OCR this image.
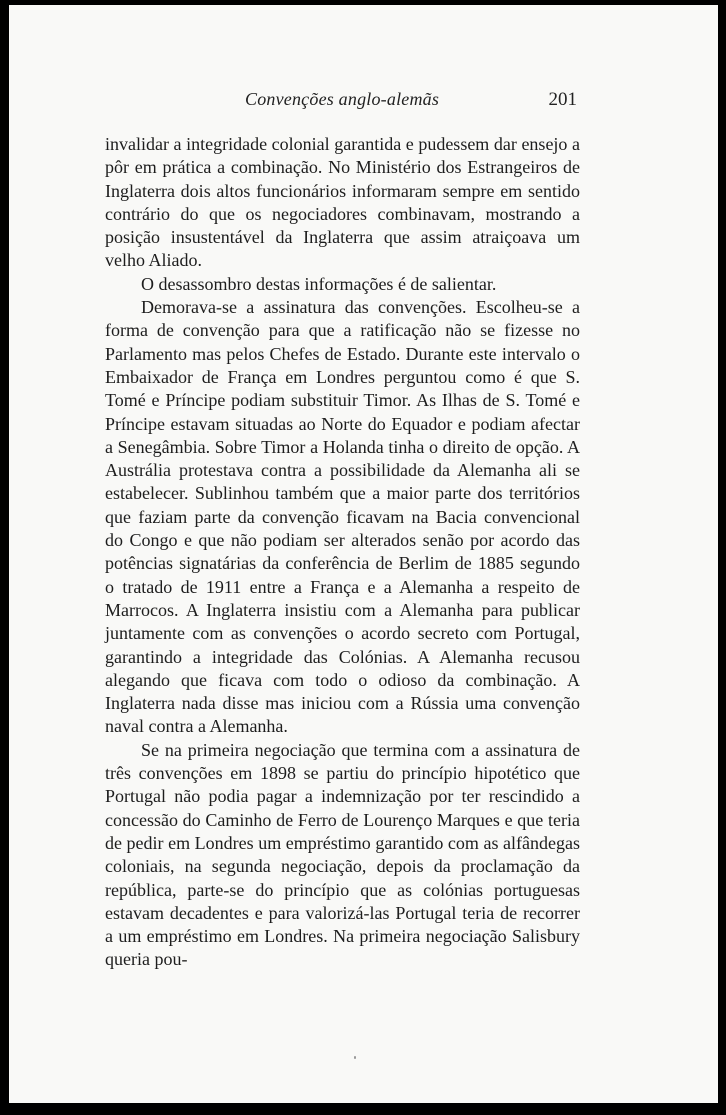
Convenções anglo-alemãs	201

invalidar a integridade colonial garantida e pudessem dar ensejo a pôr em prática a combinação. No Ministério dos Estrangeiros de Inglaterra dois altos funcionários informaram sempre em sentido contrário do que os negociadores combinavam, mostrando a posição insustentável da Inglaterra que assim atraiçoava um velho Aliado.

O desassombro destas informações é de salientar.

Demorava-se a assinatura das convenções. Escolheu-se a forma de convenção para que a ratificação não se fizesse no Parlamento mas pelos Chefes de Estado. Durante este intervalo o Embaixador de França em Londres perguntou como é que S. Tomé e Príncipe podiam substituir Timor. As Ilhas de S. Tomé e Príncipe estavam situadas ao Norte do Equador e podiam afectar a Senegâmbia. Sobre Timor a Holanda tinha o direito de opção. A Austrália protestava contra a possibilidade da Alemanha ali se estabelecer. Sublinhou também que a maior parte dos territórios que faziam parte da convenção ficavam na Bacia convencional do Congo e que não podiam ser alterados senão por acordo das potências signatárias da conferência de Berlim de 1885 segundo o tratado de 1911 entre a França e a Alemanha a respeito de Marrocos. A Inglaterra insistiu com a Alemanha para publicar juntamente com as convenções o acordo secreto com Portugal, garantindo a integridade das Colónias. A Alemanha recusou alegando que ficava com todo o odioso da combinação. A Inglaterra nada disse mas iniciou com a Rússia uma convenção naval contra a Alemanha.

Se na primeira negociação que termina com a assinatura de três convenções em 1898 se partiu do princípio hipotético que Portugal não podia pagar a indemnização por ter rescindido a concessão do Caminho de Ferro de Lourenço Marques e que teria de pedir em Londres um empréstimo garantido com as alfândegas coloniais, na segunda negociação, depois da proclamação da república, parte-se do princípio que as colónias portuguesas estavam decadentes e para valorizá-las Portugal teria de recorrer a um empréstimo em Londres. Na primeira negociação Salisbury queria pou-
